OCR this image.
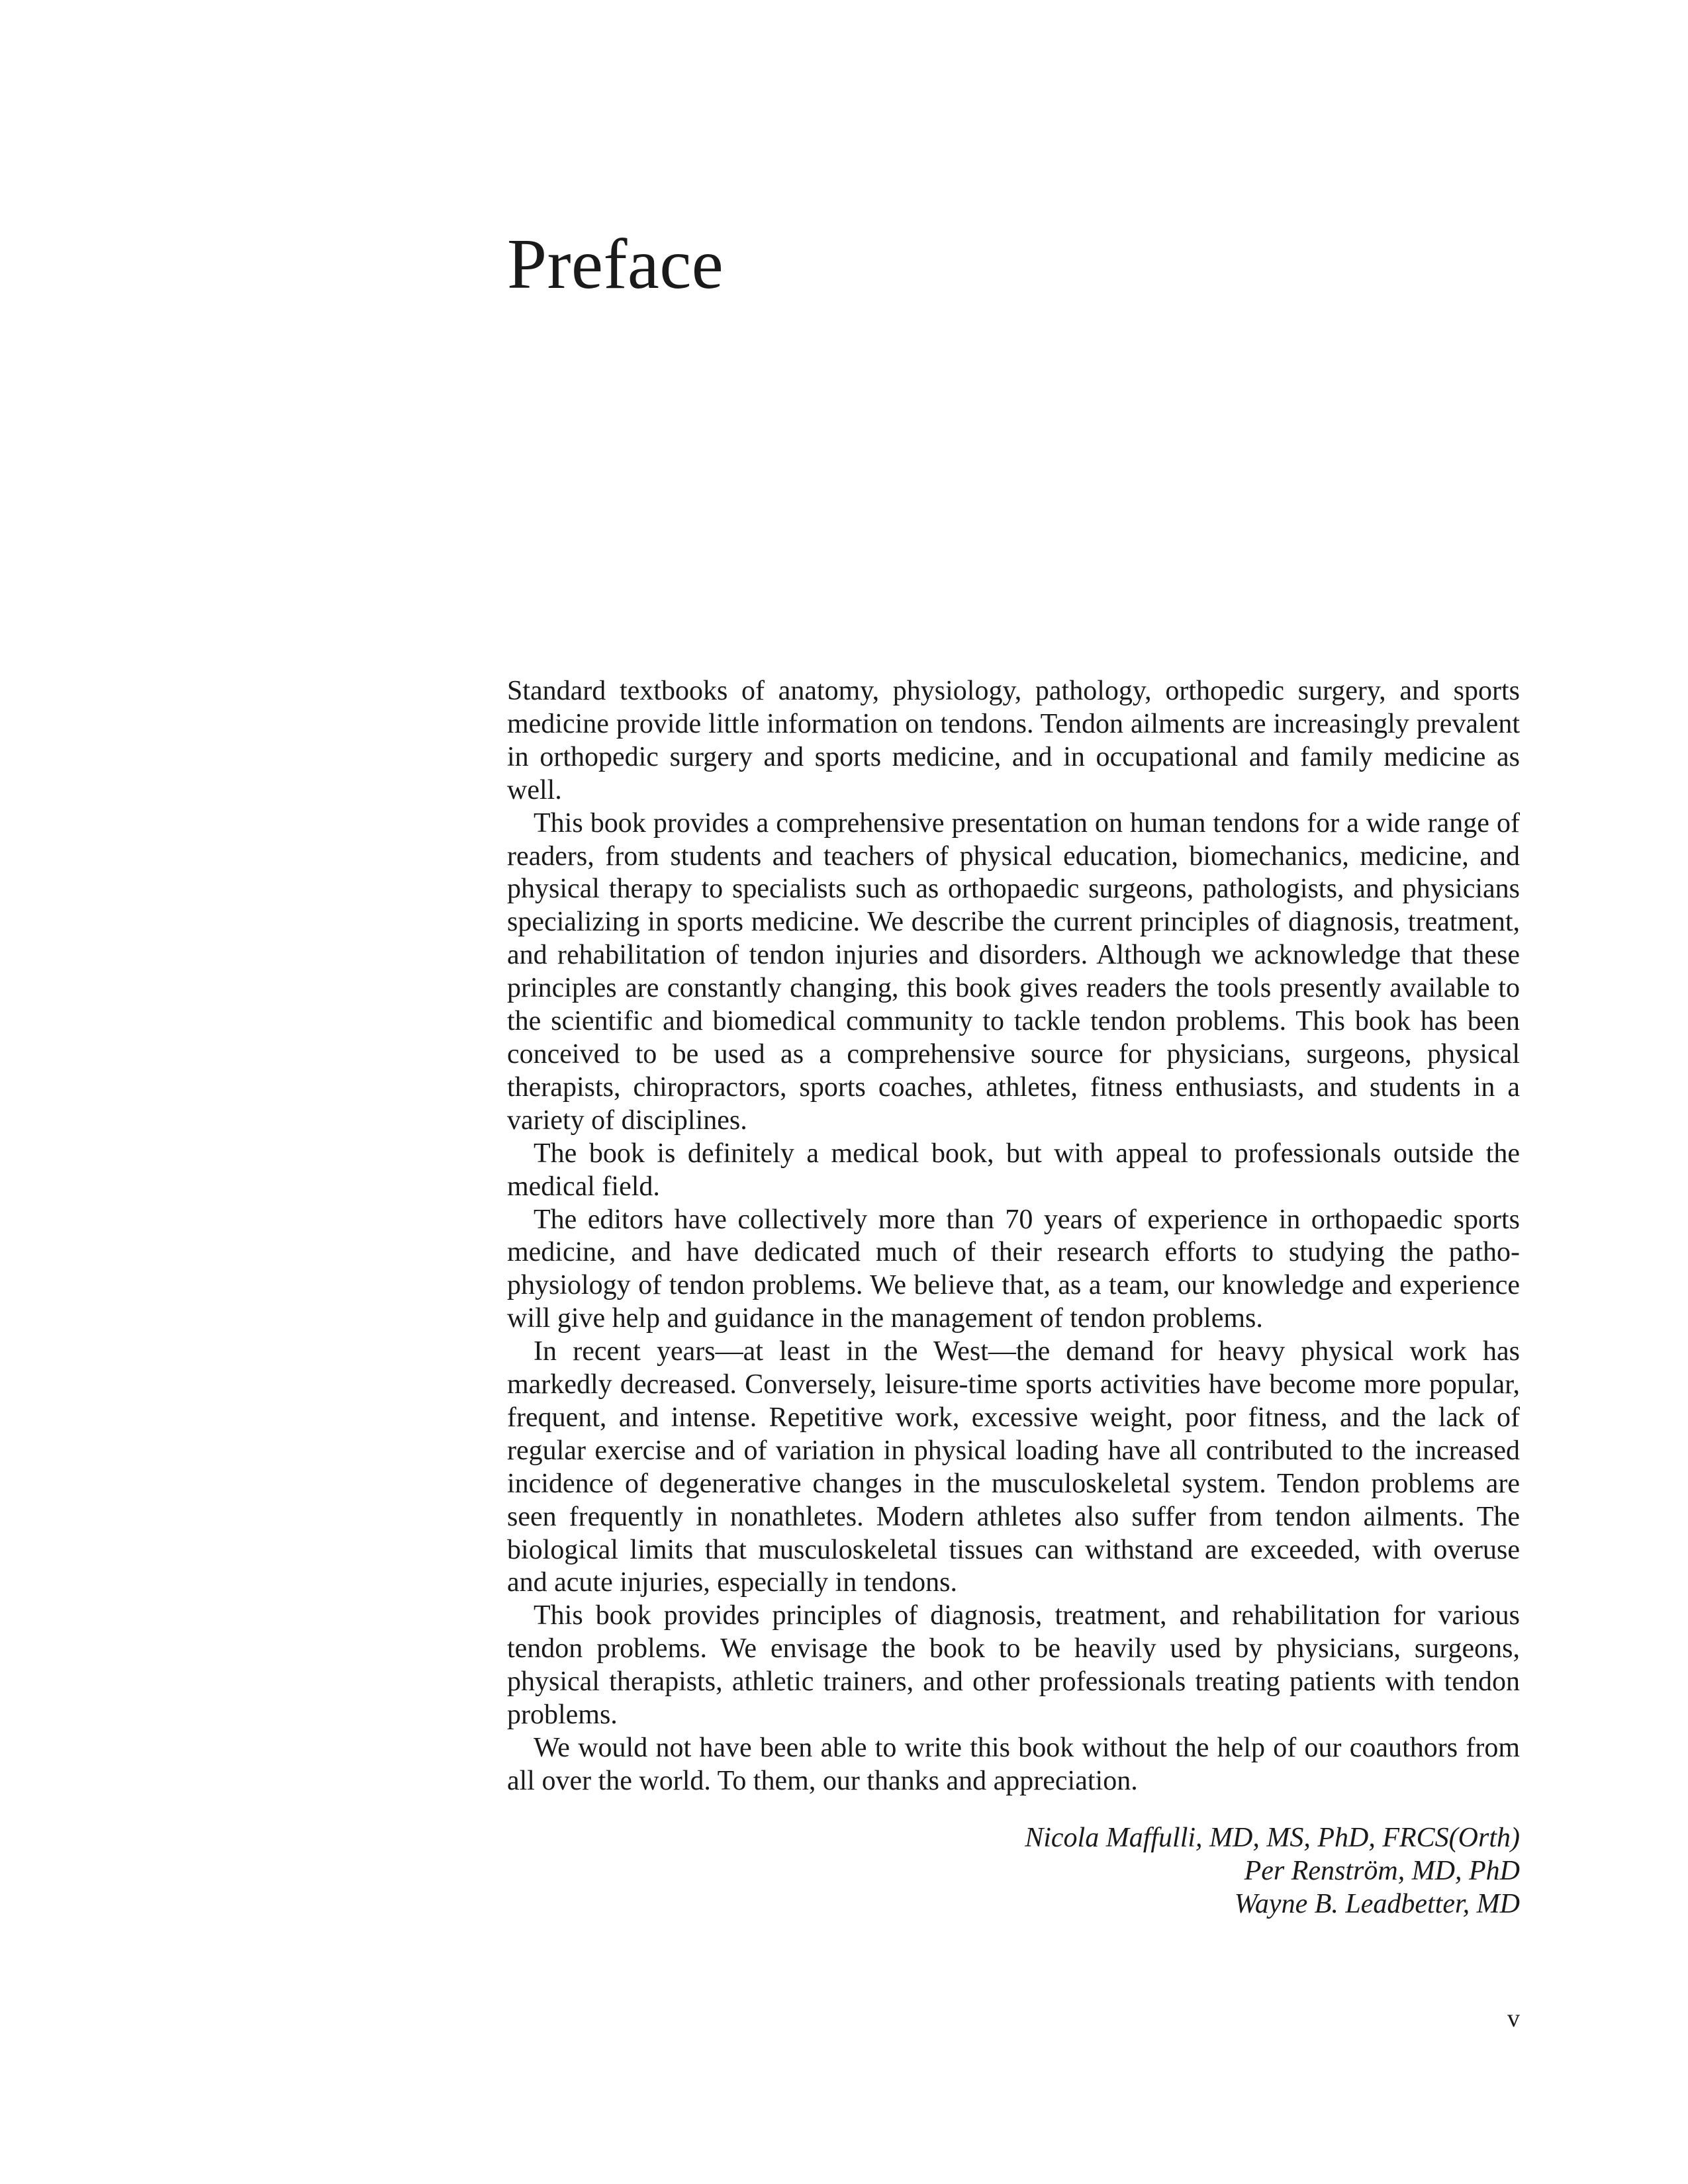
Preface

Standard textbooks of anatomy, physiology, pathology, orthopedic surgery, and sports medicine provide little information on tendons. Tendon ailments are increasingly prevalent in orthopedic surgery and sports medicine, and in occupational and family medicine as well.

This book provides a comprehensive presentation on human tendons for a wide range of readers, from students and teachers of physical education, biomechanics, medicine, and physical therapy to specialists such as orthopaedic surgeons, pathologists, and physicians specializing in sports medicine. We describe the current principles of diagnosis, treatment, and rehabilitation of tendon injuries and disorders. Although we acknowledge that these principles are constantly changing, this book gives readers the tools presently available to the scientific and biomedical community to tackle tendon problems. This book has been conceived to be used as a comprehensive source for physicians, surgeons, physical therapists, chiropractors, sports coaches, athletes, fitness enthusiasts, and students in a variety of disciplines.

The book is definitely a medical book, but with appeal to professionals outside the medical field.

The editors have collectively more than 70 years of experience in orthopaedic sports medicine, and have dedicated much of their research efforts to studying the pathophysiology of tendon problems. We believe that, as a team, our knowledge and experience will give help and guidance in the management of tendon problems.

In recent years—at least in the West—the demand for heavy physical work has markedly decreased. Conversely, leisure-time sports activities have become more popular, frequent, and intense. Repetitive work, excessive weight, poor fitness, and the lack of regular exercise and of variation in physical loading have all contributed to the increased incidence of degenerative changes in the musculoskeletal system. Tendon problems are seen frequently in nonathletes. Modern athletes also suffer from tendon ailments. The biological limits that musculoskeletal tissues can withstand are exceeded, with overuse and acute injuries, especially in tendons.

This book provides principles of diagnosis, treatment, and rehabilitation for various tendon problems. We envisage the book to be heavily used by physicians, surgeons, physical therapists, athletic trainers, and other professionals treating patients with tendon problems.

We would not have been able to write this book without the help of our coauthors from all over the world. To them, our thanks and appreciation.

Nicola Maffulli, MD, MS, PhD, FRCS(Orth)
Per Renström, MD, PhD
Wayne B. Leadbetter, MD
v
